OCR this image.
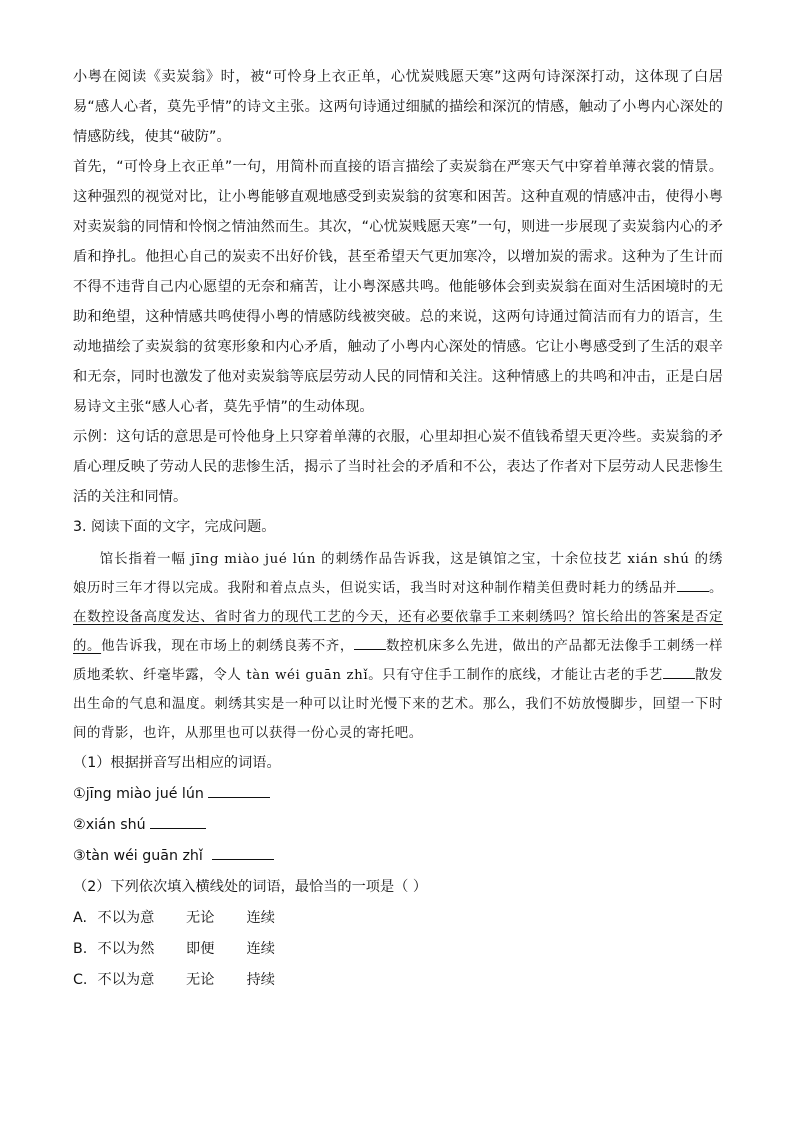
小粤在阅读《卖炭翁》时，被“可怜身上衣正单，心忧炭贱愿天寒”这两句诗深深打动，这体现了白居易“感人心者，莫先乎情”的诗文主张。这两句诗通过细腻的描绘和深沉的情感，触动了小粤内心深处的情感防线，使其“破防”。

首先，“可怜身上衣正单”一句，用简朴而直接的语言描绘了卖炭翁在严寒天气中穿着单薄衣裳的情景。这种强烈的视觉对比，让小粤能够直观地感受到卖炭翁的贫寒和困苦。这种直观的情感冲击，使得小粤对卖炭翁的同情和怜悯之情油然而生。其次，“心忧炭贱愿天寒”一句，则进一步展现了卖炭翁内心的矛盾和挣扎。他担心自己的炭卖不出好价钱，甚至希望天气更加寒冷，以增加炭的需求。这种为了生计而不得不违背自己内心愿望的无奈和痛苦，让小粤深感共鸣。他能够体会到卖炭翁在面对生活困境时的无助和绝望，这种情感共鸣使得小粤的情感防线被突破。总的来说，这两句诗通过简洁而有力的语言，生动地描绘了卖炭翁的贫寒形象和内心矛盾，触动了小粤内心深处的情感。它让小粤感受到了生活的艰辛和无奈，同时也激发了他对卖炭翁等底层劳动人民的同情和关注。这种情感上的共鸣和冲击，正是白居易诗文主张“感人心者，莫先乎情”的生动体现。

示例：这句话的意思是可怜他身上只穿着单薄的衣服，心里却担心炭不值钱希望天更冷些。卖炭翁的矛盾心理反映了劳动人民的悲惨生活，揭示了当时社会的矛盾和不公，表达了作者对下层劳动人民悲惨生活的关注和同情。

3. 阅读下面的文字，完成问题。

馆长指着一幅 jīng miào jué lún 的刺绣作品告诉我，这是镇馆之宝，十余位技艺 xián shú 的绣娘历时三年才得以完成。我附和着点点头，但说实话，我当时对这种制作精美但费时耗力的绣品并 。在数控设备高度发达、省时省力的现代工艺的今天，还有必要依靠手工来刺绣吗？馆长给出的答案是否定的。他告诉我，现在市场上的刺绣良莠不齐， 数控机床多么先进，做出的产品都无法像手工刺绣一样质地柔软、纤毫毕露，令人 tàn wéi guān zhǐ。只有守住手工制作的底线，才能让古老的手艺 散发出生命的气息和温度。刺绣其实是一种可以让时光慢下来的艺术。那么，我们不妨放慢脚步，回望一下时间的背影，也许，从那里也可以获得一份心灵的寄托吧。

（1）根据拼音写出相应的词语。
①jīng miào jué lún
②xián shú
③tàn wéi guān zhǐ
（2）下列依次填入横线处的词语，最恰当的一项是（ ）
A. 不以为意 无论 连续
B. 不以为然 即便 连续
C. 不以为意 无论 持续
